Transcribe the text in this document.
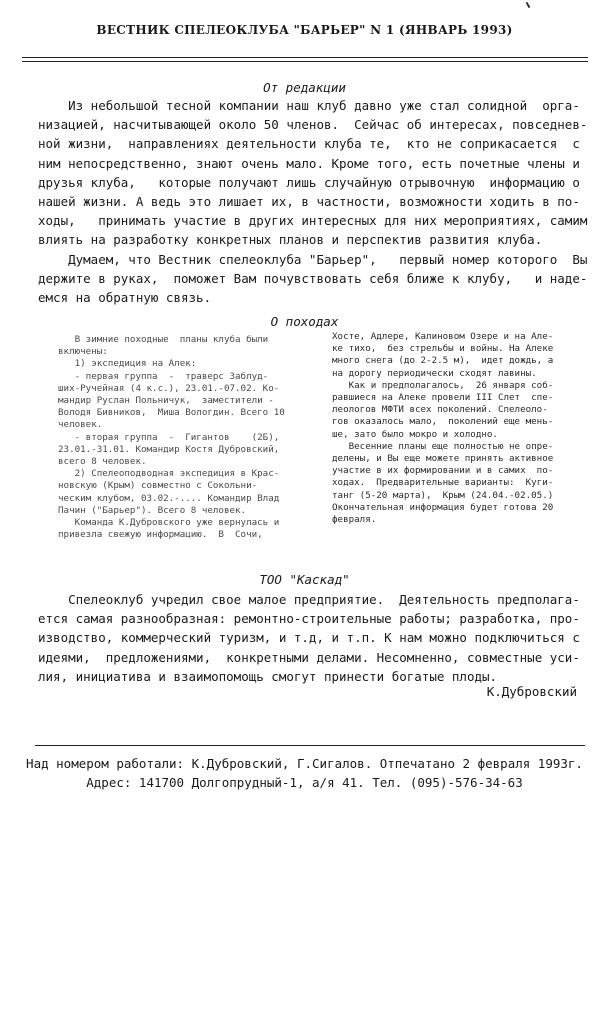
ВЕСТНИК СПЕЛЕОКЛУБА "БАРЬЕР" N 1 (ЯНВАРЬ 1993)
От редакции
Из небольшой тесной компании наш клуб давно уже стал солидной  орга-
низацией, насчитывающей около 50 членов.  Сейчас об интересах, повседнев-
ной жизни,  направлениях деятельности клуба те,  кто не соприкасается  с
ним непосредственно, знают очень мало. Кроме того, есть почетные члены и
друзья клуба,   которые получают лишь случайную отрывочную  информацию о
нашей жизни. А ведь это лишает их, в частности, возможности ходить в по-
ходы,   принимать участие в других интересных для них мероприятиях, самим
влиять на разработку конкретных планов и перспектив развития клуба.
Думаем, что Вестник спелеоклуба "Барьер",   первый номер которого  Вы
держите в руках,  поможет Вам почувствовать себя ближе к клубу,   и наде-
емся на обратную связь.
О походах
В зимние походные  планы клуба были
включены:
1) экспедиция на Алек:
- первая группа  -  траверс Заблуд-
ших-Ручейная (4 к.с.), 23.01.-07.02. Ко-
мандир Руслан Польничук,  заместители -
Володя Бивников,  Миша Вологдин. Всего 10
человек.
- вторая группа  -  Гигантов    (2Б),
23.01.-31.01. Командир Костя Дубровский,
всего 8 человек.
2) Спелеоподводная экспедиция в Крас-
новскую (Крым) совместно с Сокольни-
ческим клубом, 03.02.-.... Командир Влад
Пачин ("Барьер"). Всего 8 человек.
Команда К.Дубровского уже вернулась и
привезла свежую информацию.  В  Сочи,
Хосте, Адлере, Калиновом Озере и на Але-
ке тихо,  без стрельбы и войны. На Алеке
много снега (до 2-2.5 м),  идет дождь, а
на дорогу периодически сходят лавины.
Как и предполагалось,  26 января соб-
равшиеся на Алеке провели III Слет  спе-
леологов МФТИ всех поколений. Спелеоло-
гов оказалось мало,  поколений еще мень-
ше, зато было мокро и холодно.
Весенние планы еще полностью не опре-
делены, и Вы еще можете принять активное
участие в их формировании и в самих  по-
ходах.  Предварительные варианты:  Куги-
танг (5-20 марта),  Крым (24.04.-02.05.)
Окончательная информация будет готова 20
февраля.
ТОО "Каскад"
Спелеоклуб учредил свое малое предприятие.  Деятельность предполага-
ется самая разнообразная: ремонтно-строительные работы; разработка, про-
изводство, коммерческий туризм, и т.д, и т.п. К нам можно подключиться с
идеями,  предложениями,  конкретными делами. Несомненно, совместные уси-
лия, инициатива и взаимопомощь смогут принести богатые плоды.
К.Дубровский
Над номером работали: К.Дубровский, Г.Сигалов. Отпечатано 2 февраля 1993г.
Адрес: 141700 Долгопрудный-1, а/я 41. Тел. (095)-576-34-63
